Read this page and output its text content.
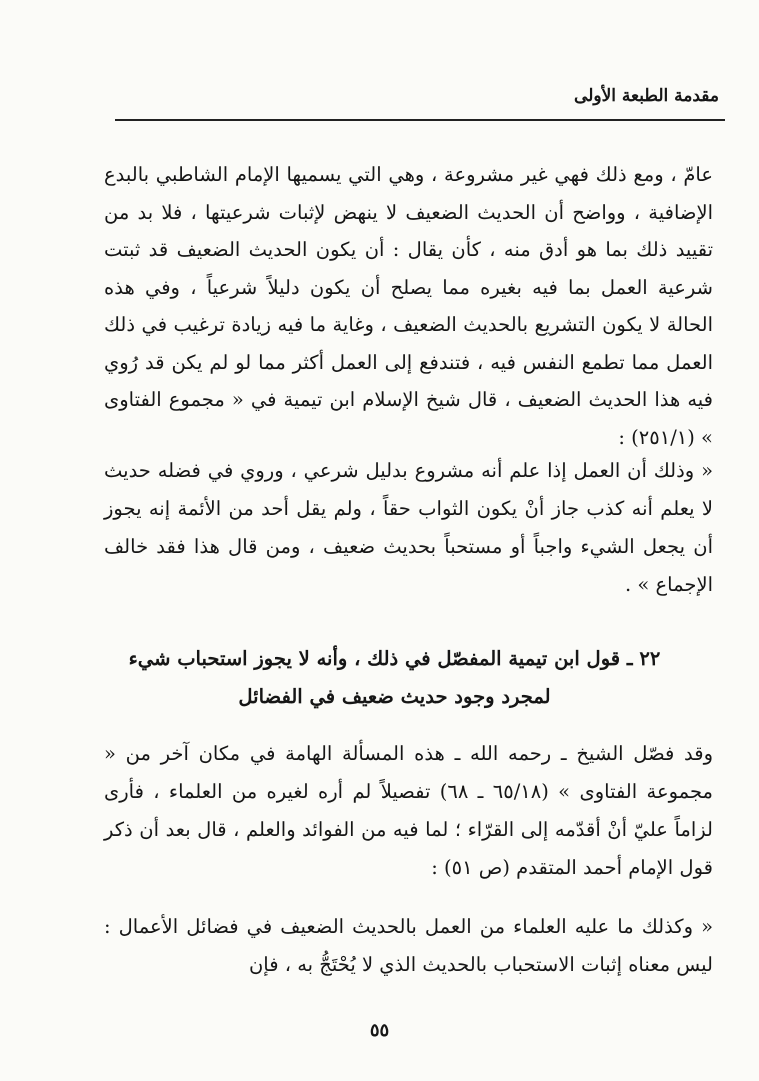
مقدمة الطبعة الأولى

عامّ ، ومع ذلك فهي غير مشروعة ، وهي التي يسميها الإمام الشاطبي بالبدع الإضافية ، وواضح أن الحديث الضعيف لا ينهض لإثبات شرعيتها ، فلا بد من تقييد ذلك بما هو أدق منه ، كأن يقال : أن يكون الحديث الضعيف قد ثبتت شرعية العمل بما فيه بغيره مما يصلح أن يكون دليلاً شرعياً ، وفي هذه الحالة لا يكون التشريع بالحديث الضعيف ، وغاية ما فيه زيادة ترغيب في ذلك العمل مما تطمع النفس فيه ، فتندفع إلى العمل أكثر مما لو لم يكن قد رُوي فيه هذا الحديث الضعيف ، قال شيخ الإسلام ابن تيمية في « مجموع الفتاوى » (٢٥١/١) :

« وذلك أن العمل إذا علم أنه مشروع بدليل شرعي ، وروي في فضله حديث لا يعلم أنه كذب جاز أنْ يكون الثواب حقاً ، ولم يقل أحد من الأئمة إنه يجوز أن يجعل الشيء واجباً أو مستحباً بحديث ضعيف ، ومن قال هذا فقد خالف الإجماع » .

٢٢ ـ قول ابن تيمية المفصّل في ذلك ، وأنه لا يجوز استحباب شيء
لمجرد وجود حديث ضعيف في الفضائل

وقد فصّل الشيخ ـ رحمه الله ـ هذه المسألة الهامة في مكان آخر من « مجموعة الفتاوى » (٦٥/١٨ ـ ٦٨) تفصيلاً لم أره لغيره من العلماء ، فأرى لزاماً عليّ أنْ أقدّمه إلى القرّاء ؛ لما فيه من الفوائد والعلم ، قال بعد أن ذكر قول الإمام أحمد المتقدم (ص ٥١) :

« وكذلك ما عليه العلماء من العمل بالحديث الضعيف في فضائل الأعمال : ليس معناه إثبات الاستحباب بالحديث الذي لا يُحْتَجُّ به ، فإن

٥٥
